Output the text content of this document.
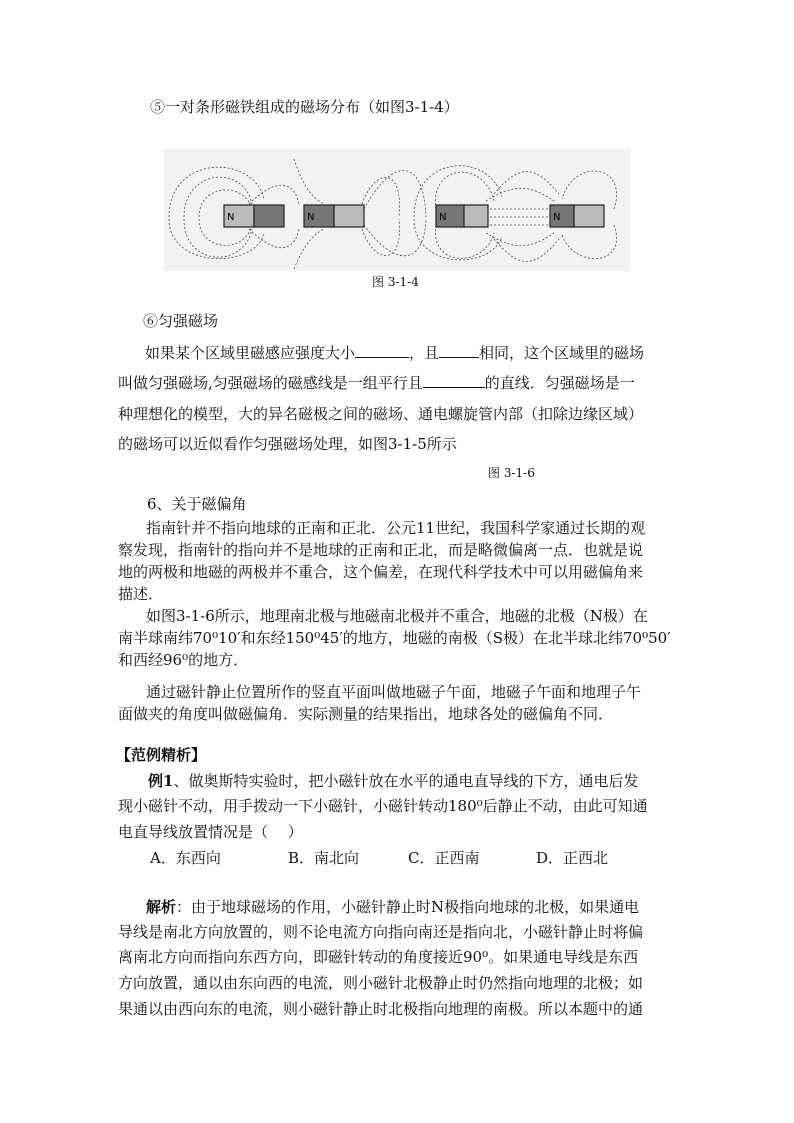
⑤一对条形磁铁组成的磁场分布（如图3-1-4）
N	N	N	N
图 3-1-4
⑥匀强磁场
如果某个区域里磁感应强度大小	，且	相同，这个区域里的磁场
叫做匀强磁场,匀强磁场的磁感线是一组平行且	的直线．匀强磁场是一
种理想化的模型，大的异名磁极之间的磁场、通电螺旋管内部（扣除边缘区域）
的磁场可以近似看作匀强磁场处理，如图3-1-5所示
图 3-1-6
6、关于磁偏角
指南针并不指向地球的正南和正北．公元11世纪，我国科学家通过长期的观
察发现，指南针的指向并不是地球的正南和正北，而是略微偏离一点．也就是说
地的两极和地磁的两极并不重合，这个偏差，在现代科学技术中可以用磁偏角来
描述．
如图3-1-6所示，地理南北极与地磁南北极并不重合，地磁的北极（N极）在
南半球南纬70⁰10′和东经150⁰45′的地方，地磁的南极（S极）在北半球北纬70⁰50′
和西经96⁰的地方．
通过磁针静止位置所作的竖直平面叫做地磁子午面，地磁子午面和地理子午
面做夹的角度叫做磁偏角．实际测量的结果指出，地球各处的磁偏角不同．
【范例精析】
例1、做奥斯特实验时，把小磁针放在水平的通电直导线的下方，通电后发
现小磁针不动，用手拨动一下小磁针，小磁针转动180⁰后静止不动，由此可知通
电直导线放置情况是（　 ）
A．东西向	B．南北向	C．正西南	D．正西北
解析：由于地球磁场的作用，小磁针静止时N极指向地球的北极，如果通电
导线是南北方向放置的，则不论电流方向指向南还是指向北，小磁针静止时将偏
离南北方向而指向东西方向，即磁针转动的角度接近90⁰。如果通电导线是东西
方向放置，通以由东向西的电流，则小磁针北极静止时仍然指向地理的北极；如
果通以由西向东的电流，则小磁针静止时北极指向地理的南极。所以本题中的通
